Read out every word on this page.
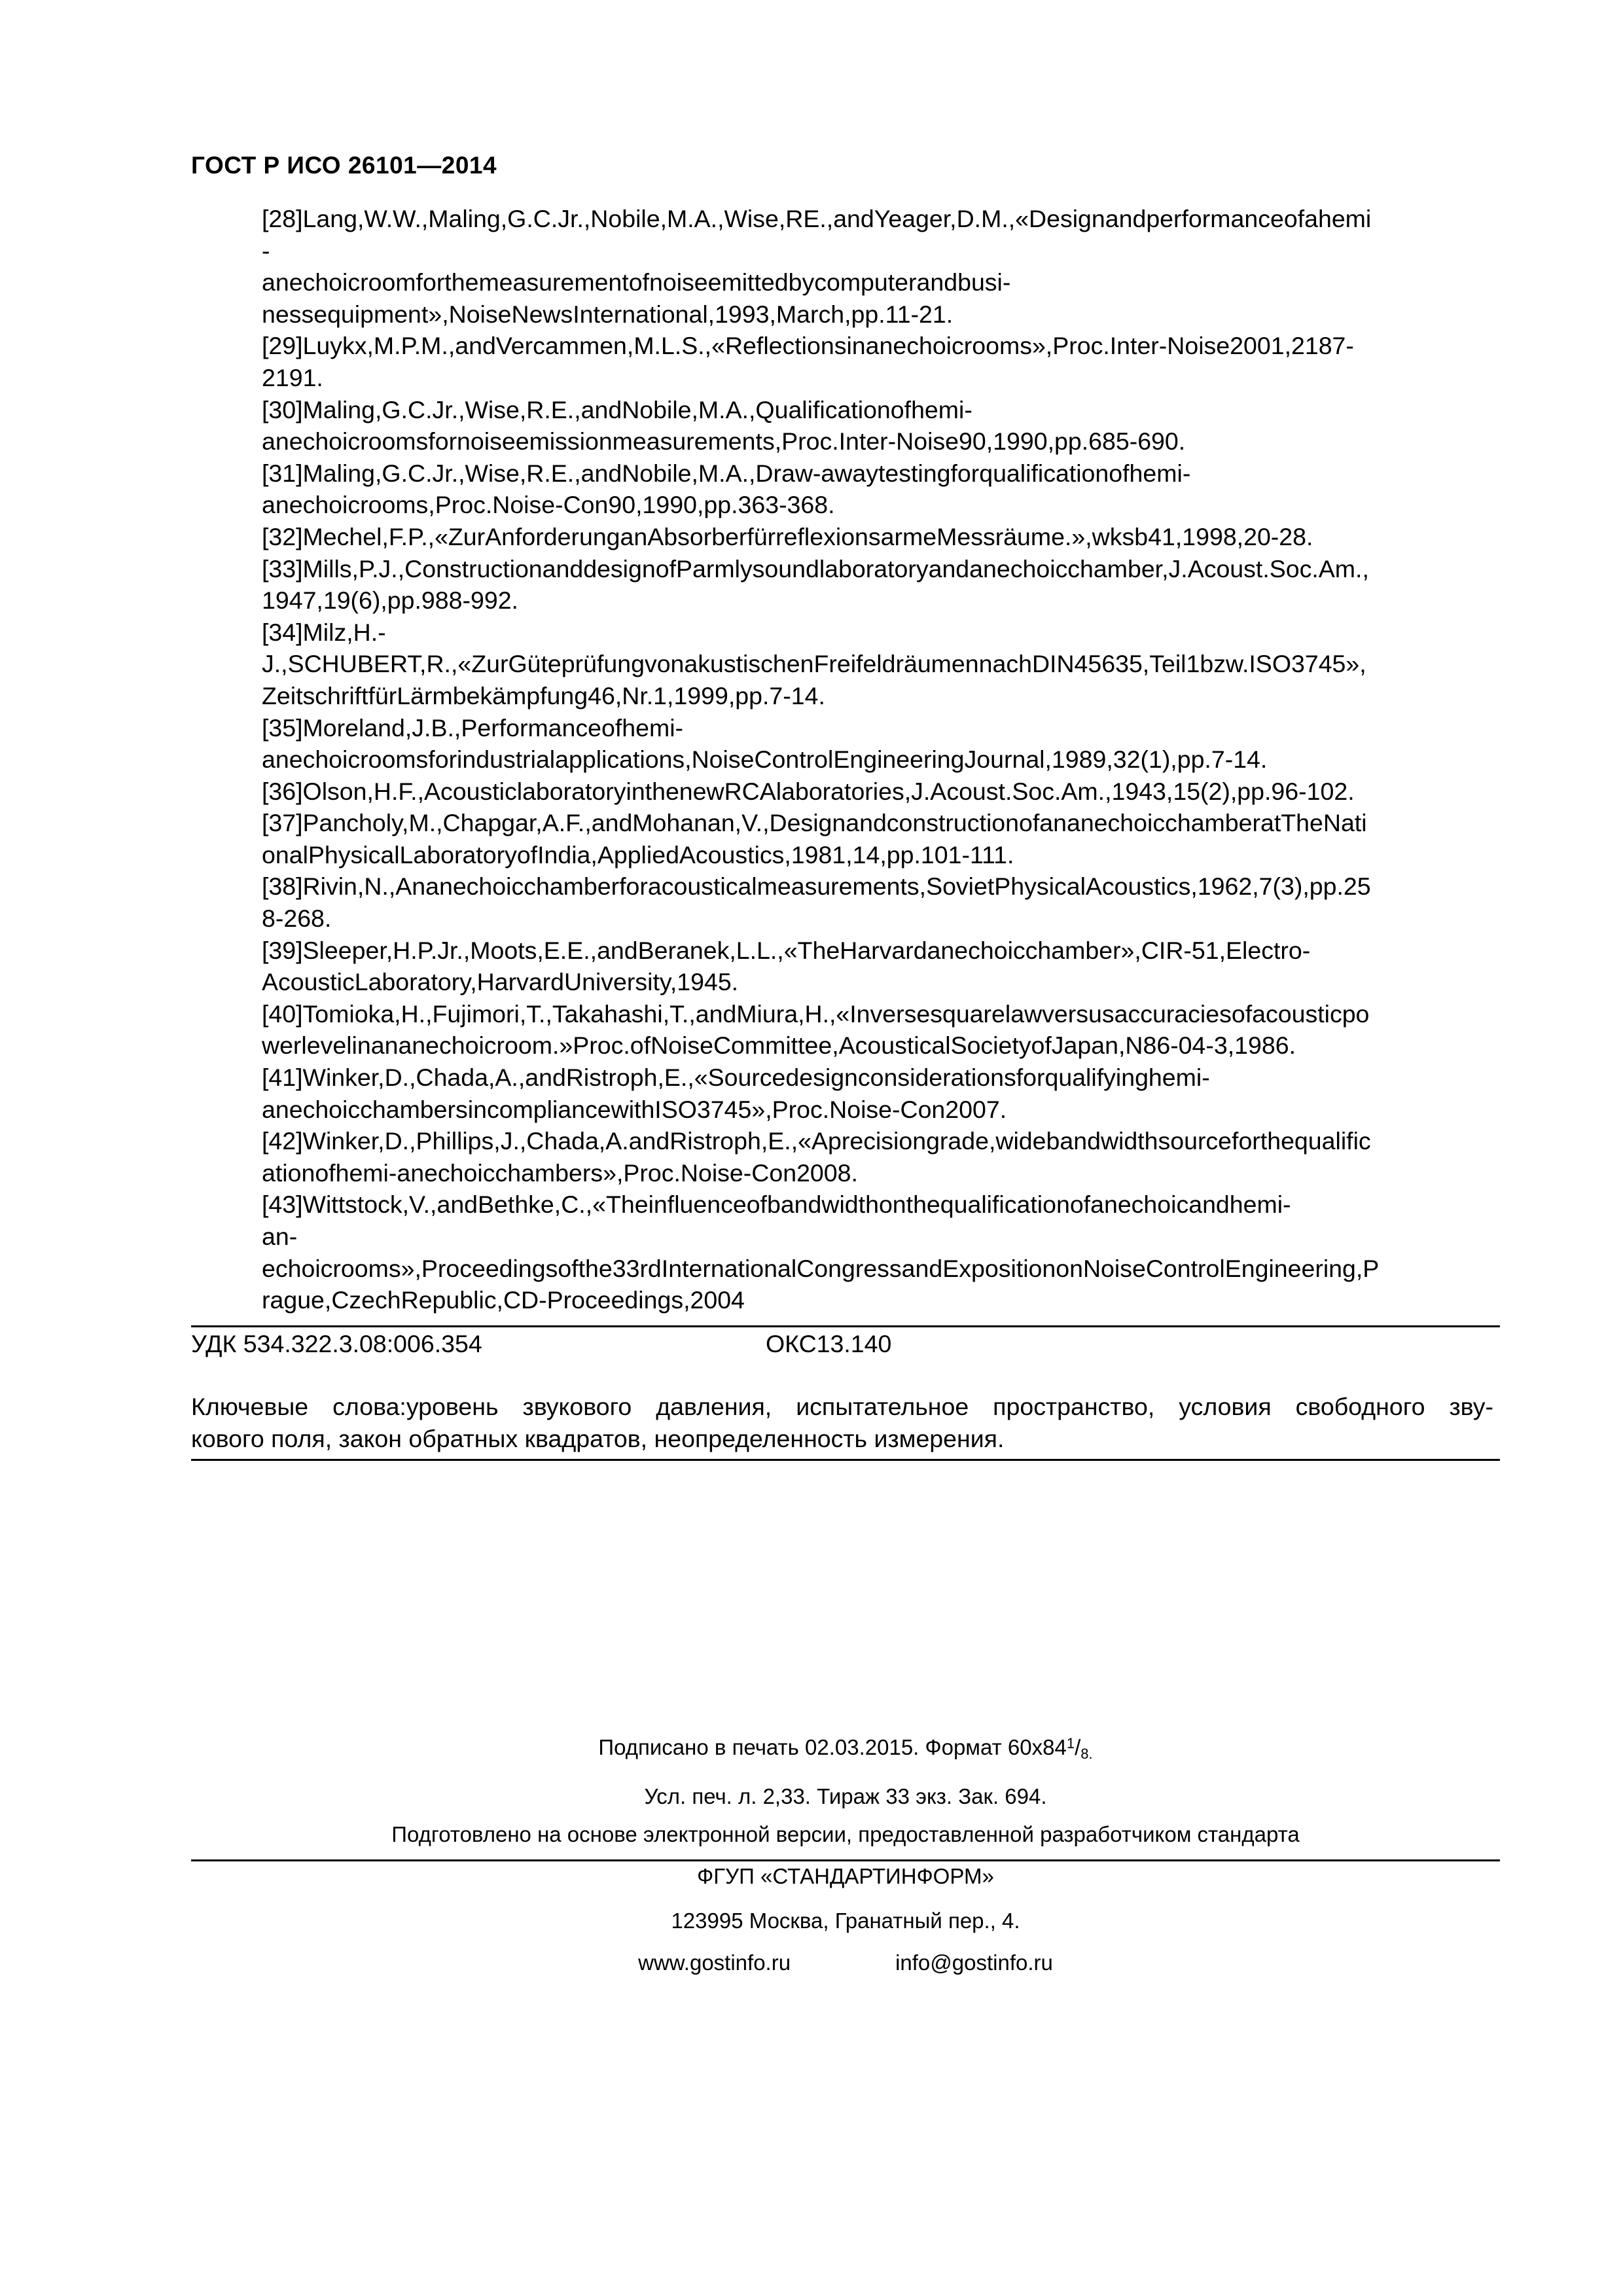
ГОСТ Р ИСО 26101—2014
[28]Lang,W.W.,Maling,G.C.Jr.,Nobile,M.A.,Wise,RE.,andYeager,D.M.,«Designandperformanceofahemi
-
anechoicroomforthemeasurementofnoiseemittedbycomputerandbusi-
nessequipment»,NoiseNewsInternational,1993,March,pp.11-21.
[29]Luykx,M.P.M.,andVercammen,M.L.S.,«Reflectionsinanechoicrooms»,Proc.Inter-Noise2001,2187-
2191.
[30]Maling,G.C.Jr.,Wise,R.E.,andNobile,M.A.,Qualificationofhemi-
anechoicroomsfornoiseemissionmeasurements,Proc.Inter-Noise90,1990,pp.685-690.
[31]Maling,G.C.Jr.,Wise,R.E.,andNobile,M.A.,Draw-awaytestingforqualificationofhemi-
anechoicrooms,Proc.Noise-Con90,1990,pp.363-368.
[32]Mechel,F.P.,«ZurAnforderunganAbsorberfürreflexionsarmeMessräume.»,wksb41,1998,20-28.
[33]Mills,P.J.,ConstructionanddesignofParmlysoundlaboratoryandanechoicchamber,J.Acoust.Soc.Am.,
1947,19(6),pp.988-992.
[34]Milz,H.-
J.,SCHUBERT,R.,«ZurGüteprüfungvonakustischenFreifeldräumennachDIN45635,Teil1bzw.ISO3745»,
ZeitschriftfürLärmbekämpfung46,Nr.1,1999,pp.7-14.
[35]Moreland,J.B.,Performanceofhemi-
anechoicroomsforindustrialapplications,NoiseControlEngineeringJournal,1989,32(1),pp.7-14.
[36]Olson,H.F.,AcousticlaboratoryinthenewRCAlaboratories,J.Acoust.Soc.Am.,1943,15(2),pp.96-102.
[37]Pancholy,M.,Chapgar,A.F.,andMohanan,V.,DesignandconstructionofananechoicchamberatTheNati
onalPhysicalLaboratoryofIndia,AppliedAcoustics,1981,14,pp.101-111.
[38]Rivin,N.,Ananechoicchamberforacousticalmeasurements,SovietPhysicalAcoustics,1962,7(3),pp.25
8-268.
[39]Sleeper,H.P.Jr.,Moots,E.E.,andBeranek,L.L.,«TheHarvardanechoicchamber»,CIR-51,Electro-
AcousticLaboratory,HarvardUniversity,1945.
[40]Tomioka,H.,Fujimori,T.,Takahashi,T.,andMiura,H.,«Inversesquarelawversusaccuraciesofacousticpo
werlevelinananechoicroom.»Proc.ofNoiseCommittee,AcousticalSocietyofJapan,N86-04-3,1986.
[41]Winker,D.,Chada,A.,andRistroph,E.,«Sourcedesignconsiderationsforqualifyinghemi-
anechoicchambersincompliancewithISO3745»,Proc.Noise-Con2007.
[42]Winker,D.,Phillips,J.,Chada,A.andRistroph,E.,«Aprecisiongrade,widebandwidthsourceforthequalific
ationofhemi-anechoicchambers»,Proc.Noise-Con2008.
[43]Wittstock,V.,andBethke,C.,«Theinfluenceofbandwidthonthequalificationofanechoicandhemi-
an-
echoicrooms»,Proceedingsofthe33rdInternationalCongressandExpositiononNoiseControlEngineering,P
rague,CzechRepublic,CD-Proceedings,2004
УДК 534.322.3.08:006.354	ОКС13.140
Ключевые слова:уровень звукового давления, испытательное пространство, условия свободного зву-
кового поля, закон обратных квадратов, неопределенность измерения.
Подписано в печать 02.03.2015. Формат $60x84^1/_{8.}$
Усл. печ. л. 2,33. Тираж 33 экз. Зак. 694.
Подготовлено на основе электронной версии, предоставленной разработчиком стандарта
ФГУП «СТАНДАРТИНФОРМ»
123995 Москва, Гранатный пер., 4.
www.gostinfo.ru	info@gostinfo.ru
